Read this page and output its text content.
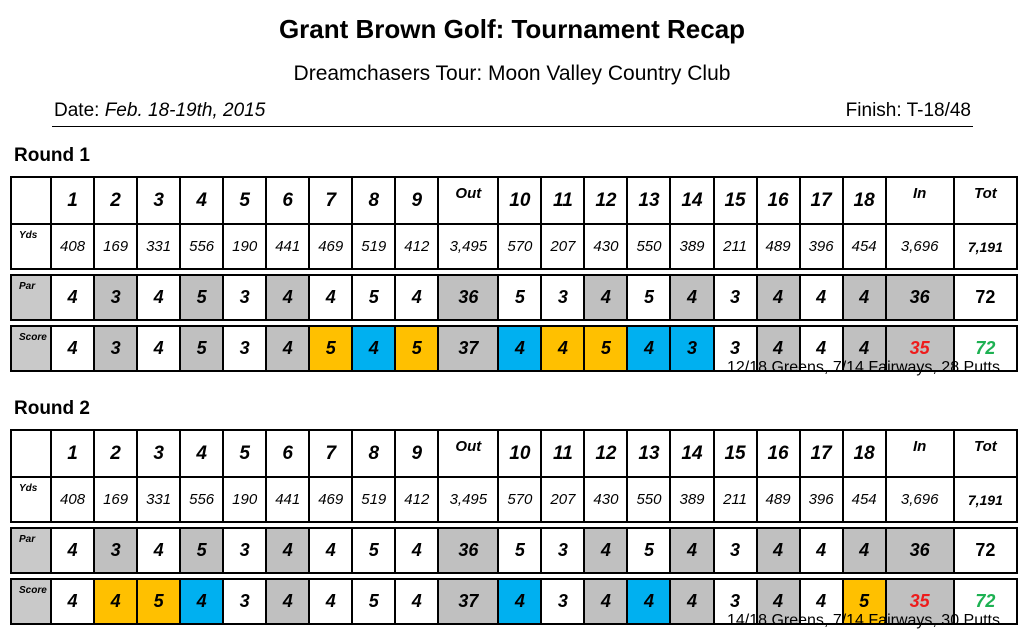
Grant Brown Golf: Tournament Recap
Dreamchasers Tour: Moon Valley Country Club
Date: Feb. 18-19th, 2015	Finish: T-18/48
Round 1
	1	2	3	4	5	6	7	8	9	Out	10	11	12	13	14	15	16	17	18	In	Tot
Yds	408	169	331	556	190	441	469	519	412	3,495	570	207	430	550	389	211	489	396	454	3,696	7,191

Par	4	3	4	5	3	4	4	5	4	36	5	3	4	5	4	3	4	4	4	36	72

Score	4	3	4	5	3	4	5	4	5	37	4	4	5	4	3	3	4	4	4	35	72
12/18 Greens, 7/14 Fairways, 28 Putts
Round 2
	1	2	3	4	5	6	7	8	9	Out	10	11	12	13	14	15	16	17	18	In	Tot
Yds	408	169	331	556	190	441	469	519	412	3,495	570	207	430	550	389	211	489	396	454	3,696	7,191

Par	4	3	4	5	3	4	4	5	4	36	5	3	4	5	4	3	4	4	4	36	72

Score	4	4	5	4	3	4	4	5	4	37	4	3	4	4	4	3	4	4	5	35	72
14/18 Greens, 7/14 Fairways, 30 Putts
